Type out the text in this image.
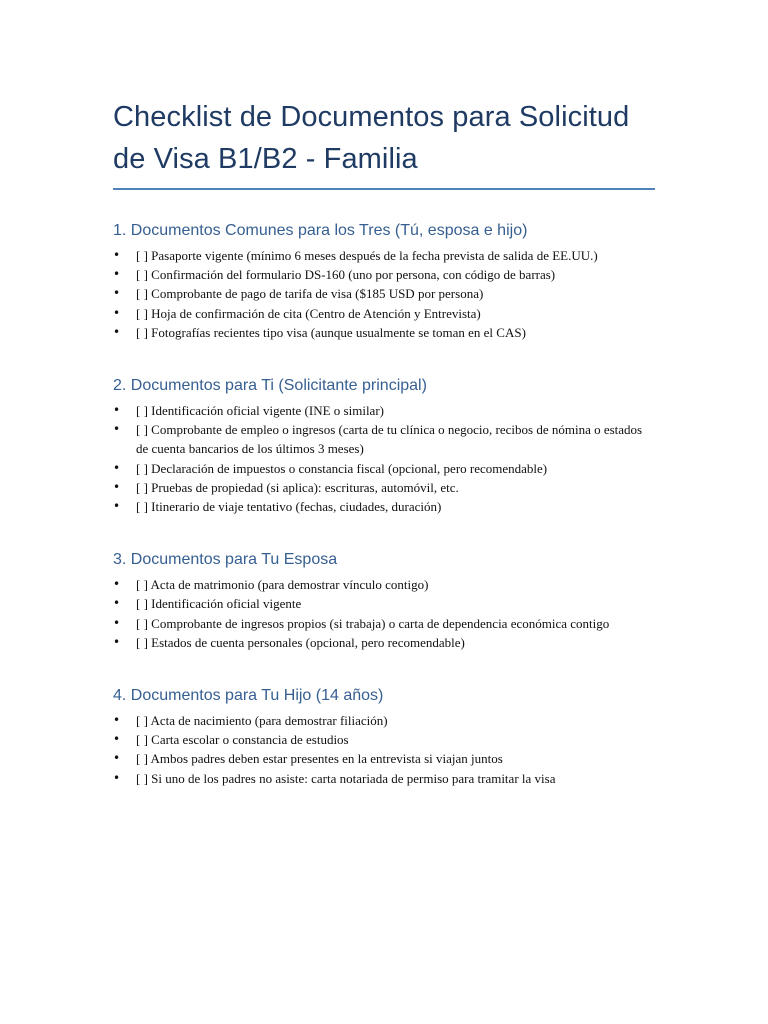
Checklist de Documentos para Solicitud de Visa B1/B2 - Familia
1. Documentos Comunes para los Tres (Tú, esposa e hijo)
• [ ] Pasaporte vigente (mínimo 6 meses después de la fecha prevista de salida de EE.UU.)
• [ ] Confirmación del formulario DS-160 (uno por persona, con código de barras)
• [ ] Comprobante de pago de tarifa de visa ($185 USD por persona)
• [ ] Hoja de confirmación de cita (Centro de Atención y Entrevista)
• [ ] Fotografías recientes tipo visa (aunque usualmente se toman en el CAS)
2. Documentos para Ti (Solicitante principal)
• [ ] Identificación oficial vigente (INE o similar)
• [ ] Comprobante de empleo o ingresos (carta de tu clínica o negocio, recibos de nómina o estados de cuenta bancarios de los últimos 3 meses)
• [ ] Declaración de impuestos o constancia fiscal (opcional, pero recomendable)
• [ ] Pruebas de propiedad (si aplica): escrituras, automóvil, etc.
• [ ] Itinerario de viaje tentativo (fechas, ciudades, duración)
3. Documentos para Tu Esposa
• [ ] Acta de matrimonio (para demostrar vínculo contigo)
• [ ] Identificación oficial vigente
• [ ] Comprobante de ingresos propios (si trabaja) o carta de dependencia económica contigo
• [ ] Estados de cuenta personales (opcional, pero recomendable)
4. Documentos para Tu Hijo (14 años)
• [ ] Acta de nacimiento (para demostrar filiación)
• [ ] Carta escolar o constancia de estudios
• [ ] Ambos padres deben estar presentes en la entrevista si viajan juntos
• [ ] Si uno de los padres no asiste: carta notariada de permiso para tramitar la visa
